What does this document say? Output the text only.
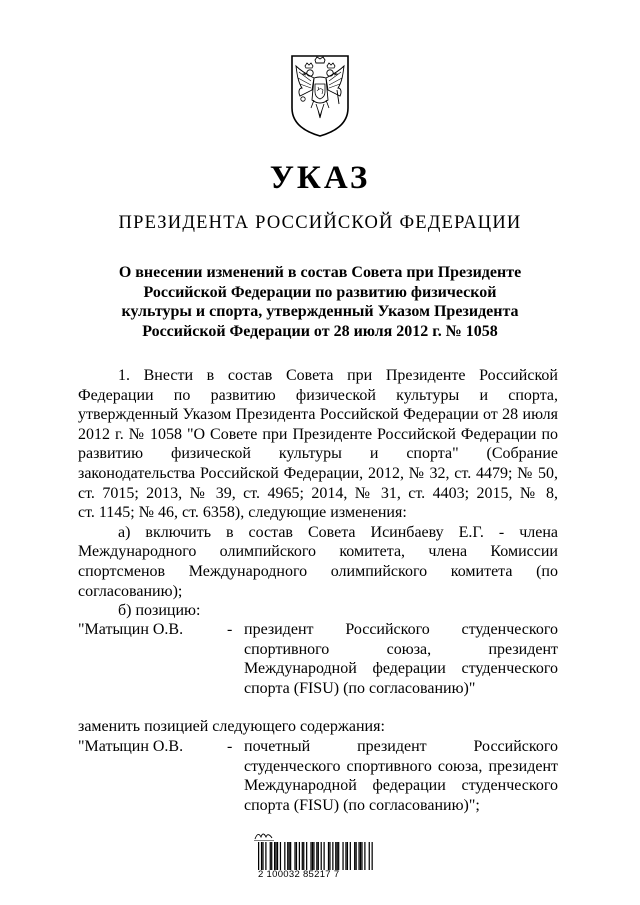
УКАЗ
ПРЕЗИДЕНТА РОССИЙСКОЙ ФЕДЕРАЦИИ
О внесении изменений в состав Совета при Президенте
Российской Федерации по развитию физической
культуры и спорта, утвержденный Указом Президента
Российской Федерации от 28 июля 2012 г. № 1058

1. Внести в состав Совета при Президенте Российской

Федерации по развитию физической культуры и спорта,

утвержденный Указом Президента Российской Федерации от 28 июля

2012 г. № 1058 "О Совете при Президенте Российской Федерации по

развитию физической культуры и спорта" (Собрание

законодательства Российской Федерации, 2012, № 32, ст. 4479; № 50,

ст. 7015; 2013, № 39, ст. 4965; 2014, № 31, ст. 4403; 2015, № 8,

ст. 1145; № 46, ст. 6358), следующие изменения:

а) включить в состав Совета Исинбаеву Е.Г. - члена

Международного олимпийского комитета, члена Комиссии

спортсменов Международного олимпийского комитета (по

согласованию);

б) позицию:

"Матыцин О.В.	- президент Российского студенческого

спортивного союза, президент

Международной федерации студенческого

спорта (FISU) (по согласованию)"

заменить позицией следующего содержания:
"Матыцин О.В.	- почетный президент Российского

студенческого спортивного союза, президент

Международной федерации студенческого

спорта (FISU) (по согласованию)";

2 100032 85217 7
